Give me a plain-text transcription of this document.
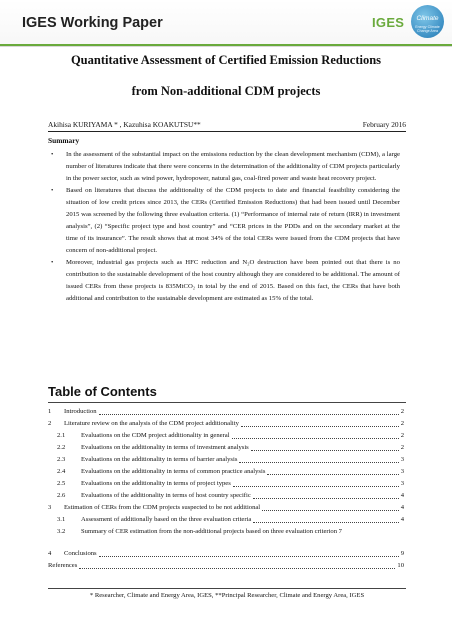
IGES Working Paper	IGES	Climate
Energy Climate Change Area
Quantitative Assessment of Certified Emission Reductions
from Non-additional CDM projects
Akihisa KURIYAMA * , Kazuhisa KOAKUTSU**	February 2016
Summary
• In the assessment of the substantial impact on the emissions reduction by the clean development mechanism (CDM), a large number of literatures indicate that there were concerns in the determination of the additionality of CDM projects particularly in the power sector, such as wind power, hydropower, natural gas, coal-fired power and waste heat recovery project.
• Based on literatures that discuss the additionality of the CDM projects to date and financial feasibility considering the situation of low credit prices since 2013, the CERs (Certified Emission Reductions) that had been issued until December 2015 was screened by the following three evaluation criteria. (1) “Performance of internal rate of return (IRR) in investment analysis”, (2) “Specific project type and host country” and “CER prices in the PDDs and on the secondary market at the time of its insurance”. The result shows that at most 34% of the total CERs were issued from the CDM projects that have concern of non-additional project.
• Moreover, industrial gas projects such as HFC reduction and N₂O destruction have been pointed out that there is no contribution to the sustainable development of the host country although they are considered to be additional. The amount of issued CERs from these projects is 835MtCO₂ in total by the end of 2015. Based on this fact, the CERs that have both additional and contribution to the sustainable development are estimated as 15% of the total.
Table of Contents
1	Introduction	2
2	Literature review on the analysis of the CDM project additionality	2
2.1	Evaluations on the CDM project additionality in general	2
2.2	Evaluations on the additionality in terms of investment analysis	2
2.3	Evaluations on the additionality in terms of barrier analysis	3
2.4	Evaluations on the additionality in terms of common practice analysis	3
2.5	Evaluations on the additionality in terms of project types	3
2.6	Evaluations of the additionality in terms of host country specific	4
3	Estimation of CERs from the CDM projects suspected to be not additional	4
3.1	Assessment of additionally based on the three evaluation criteria	4
3.2	Summary of CER estimation from the non-additional projects based on three evaluation criterion 7
4	Conclusions	9
References	10
* Researcher, Climate and Energy Area, IGES, **Principal Researcher, Climate and Energy Area, IGES
